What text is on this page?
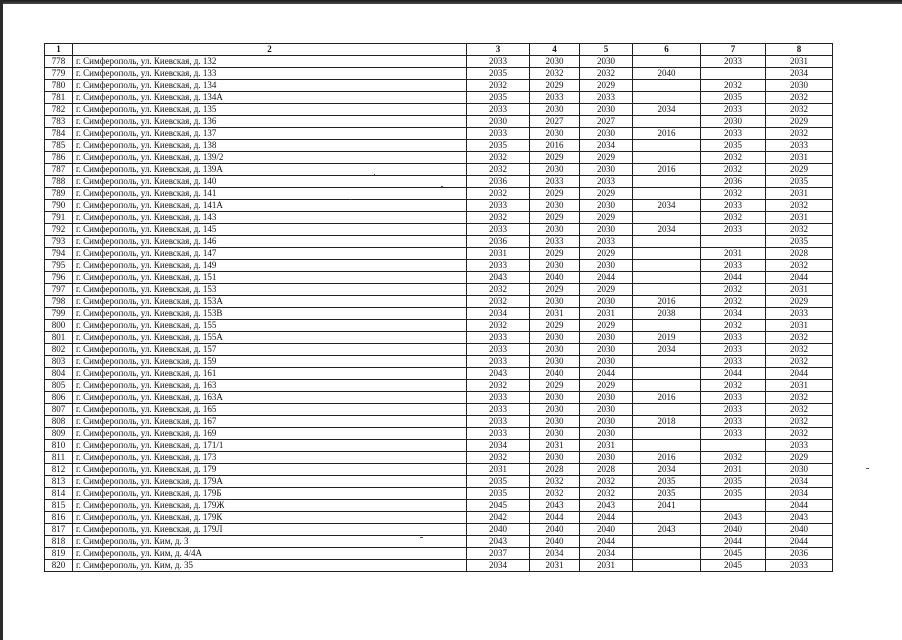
1	2	3	4	5	6	7	8
778	г. Симферополь, ул. Киевская, д. 132	2033	2030	2030		2033	2031
779	г. Симферополь, ул. Киевская, д. 133	2035	2032	2032	2040		2034
780	г. Симферополь, ул. Киевская, д. 134	2032	2029	2029		2032	2030
781	г. Симферополь, ул. Киевская, д. 134А	2035	2033	2033		2035	2032
782	г. Симферополь, ул. Киевская, д. 135	2033	2030	2030	2034	2033	2032
783	г. Симферополь, ул. Киевская, д. 136	2030	2027	2027		2030	2029
784	г. Симферополь, ул. Киевская, д. 137	2033	2030	2030	2016	2033	2032
785	г. Симферополь, ул. Киевская, д. 138	2035	2016	2034		2035	2033
786	г. Симферополь, ул. Киевская, д. 139/2	2032	2029	2029		2032	2031
787	г. Симферополь, ул. Киевская, д. 139А	2032	2030	2030	2016	2032	2029
788	г. Симферополь, ул. Киевская, д. 140	2036	2033	2033		2036	2035
789	г. Симферополь, ул. Киевская, д. 141	2032	2029	2029		2032	2031
790	г. Симферополь, ул. Киевская, д. 141А	2033	2030	2030	2034	2033	2032
791	г. Симферополь, ул. Киевская, д. 143	2032	2029	2029		2032	2031
792	г. Симферополь, ул. Киевская, д. 145	2033	2030	2030	2034	2033	2032
793	г. Симферополь, ул. Киевская, д. 146	2036	2033	2033			2035
794	г. Симферополь, ул. Киевская, д. 147	2031	2029	2029		2031	2028
795	г. Симферополь, ул. Киевская, д. 149	2033	2030	2030		2033	2032
796	г. Симферополь, ул. Киевская, д. 151	2043	2040	2044		2044	2044
797	г. Симферополь, ул. Киевская, д. 153	2032	2029	2029		2032	2031
798	г. Симферополь, ул. Киевская, д. 153А	2032	2030	2030	2016	2032	2029
799	г. Симферополь, ул. Киевская, д. 153В	2034	2031	2031	2038	2034	2033
800	г. Симферополь, ул. Киевская, д. 155	2032	2029	2029		2032	2031
801	г. Симферополь, ул. Киевская, д. 155А	2033	2030	2030	2019	2033	2032
802	г. Симферополь, ул. Киевская, д. 157	2033	2030	2030	2034	2033	2032
803	г. Симферополь, ул. Киевская, д. 159	2033	2030	2030		2033	2032
804	г. Симферополь, ул. Киевская, д. 161	2043	2040	2044		2044	2044
805	г. Симферополь, ул. Киевская, д. 163	2032	2029	2029		2032	2031
806	г. Симферополь, ул. Киевская, д. 163А	2033	2030	2030	2016	2033	2032
807	г. Симферополь, ул. Киевская, д. 165	2033	2030	2030		2033	2032
808	г. Симферополь, ул. Киевская, д. 167	2033	2030	2030	2018	2033	2032
809	г. Симферополь, ул. Киевская, д. 169	2033	2030	2030		2033	2032
810	г. Симферополь, ул. Киевская, д. 171/1	2034	2031	2031			2033
811	г. Симферополь, ул. Киевская, д. 173	2032	2030	2030	2016	2032	2029
812	г. Симферополь, ул. Киевская, д. 179	2031	2028	2028	2034	2031	2030
813	г. Симферополь, ул. Киевская, д. 179А	2035	2032	2032	2035	2035	2034
814	г. Симферополь, ул. Киевская, д. 179Б	2035	2032	2032	2035	2035	2034
815	г. Симферополь, ул. Киевская, д. 179Ж	2045	2043	2043	2041		2044
816	г. Симферополь, ул. Киевская, д. 179К	2042	2044	2044		2043	2043
817	г. Симферополь, ул. Киевская, д. 179Л	2040	2040	2040	2043	2040	2040
818	г. Симферополь, ул. Ким, д. 3	2043	2040	2044		2044	2044
819	г. Симферополь, ул. Ким, д. 4/4А	2037	2034	2034		2045	2036
820	г. Симферополь, ул. Ким, д. 35	2034	2031	2031		2045	2033
